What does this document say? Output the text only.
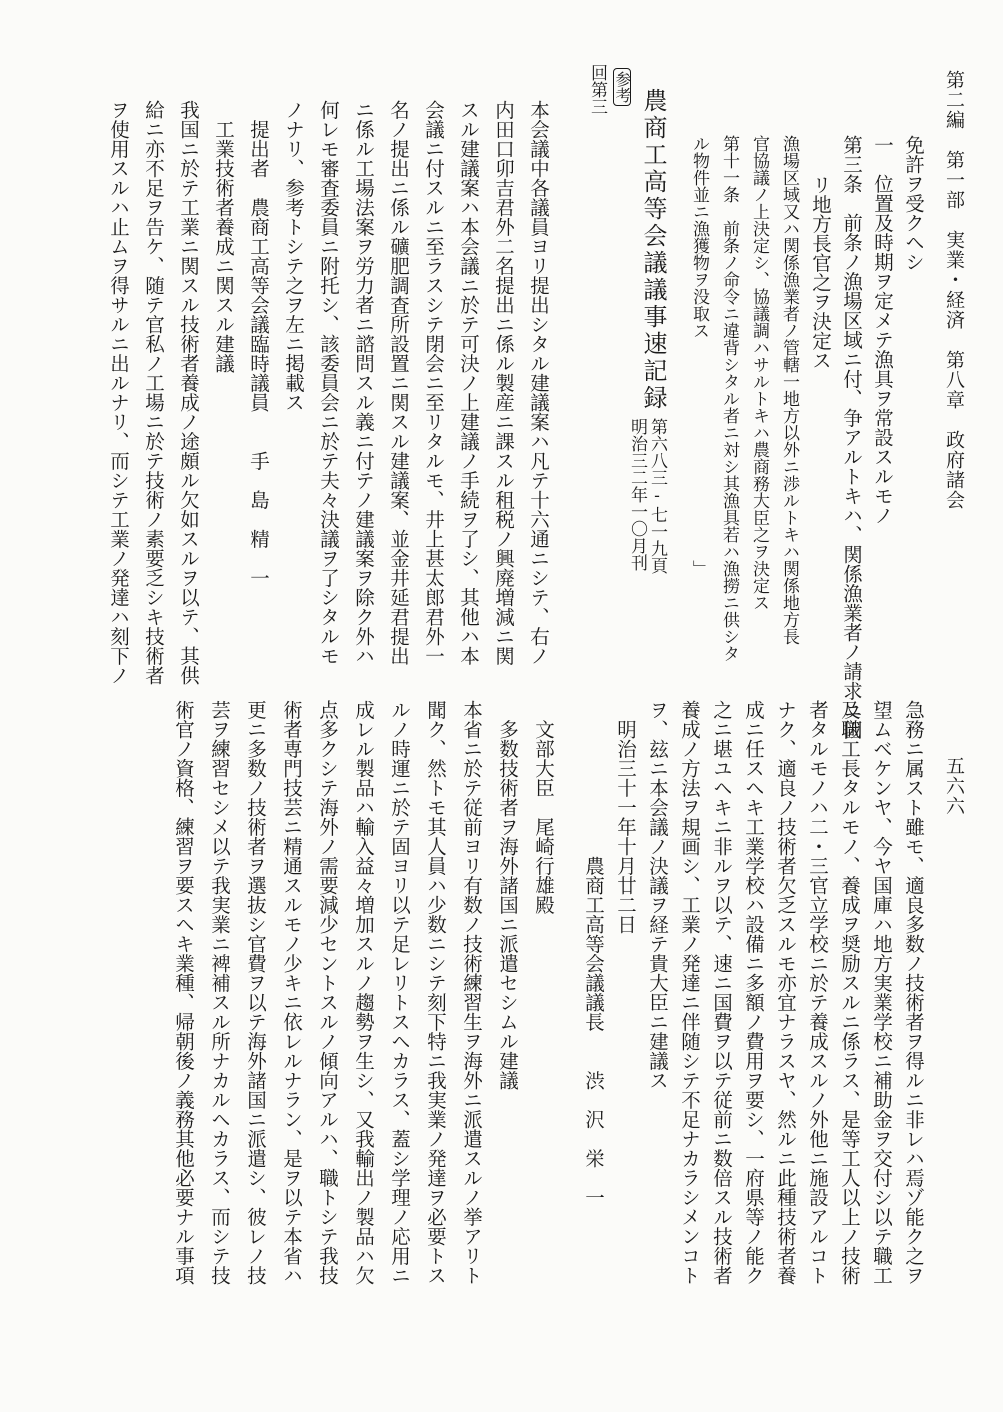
第二編　第一部　実業・経済　第八章　政府諸会
五六六
免許ヲ受クヘシ
一　位置及時期ヲ定メテ漁具ヲ常設スルモノ
第三条　前条ノ漁場区域ニ付、争アルトキハ、関係漁業者ノ請求ニ因
リ地方長官之ヲ決定ス
漁場区域又ハ関係漁業者ノ管轄一地方以外ニ渉ルトキハ関係地方長
官協議ノ上決定シ、協議調ハサルトキハ農商務大臣之ヲ決定ス
第十一条　前条ノ命令ニ違背シタル者ニ対シ其漁具若ハ漁撈ニ供シタ
ル物件並ニ漁獲物ヲ没取ス　　　　　　　　　　　　　」
参考
回第三 農商工高等会議議事速記録
第六八三‐七一九頁
明治三二年一〇月刊
本会議中各議員ヨリ提出シタル建議案ハ凡テ十六通ニシテ、右ノ
内田口卯吉君外二名提出ニ係ル製産ニ課スル租税ノ興廃増減ニ関
スル建議案ハ本会議ニ於テ可決ノ上建議ノ手続ヲ了シ、其他ハ本
会議ニ付スルニ至ラスシテ閉会ニ至リタルモ、井上甚太郎君外一
名ノ提出ニ係ル礦肥調査所設置ニ関スル建議案、並金井延君提出
ニ係ル工場法案ヲ労力者ニ諮問スル義ニ付テノ建議案ヲ除ク外ハ
何レモ審査委員ニ附托シ、該委員会ニ於テ夫々決議ヲ了シタルモ
ノナリ、参考トシテ之ヲ左ニ掲載ス
　提出者　農商工高等会議臨時議員　　手　島　精　一
　工業技術者養成ニ関スル建議
我国ニ於テ工業ニ関スル技術者養成ノ途頗ル欠如スルヲ以テ、其供
給ニ亦不足ヲ告ケ、随テ官私ノ工場ニ於テ技術ノ素要乏シキ技術者
ヲ使用スルハ止ムヲ得サルニ出ルナリ、而シテ工業ノ発達ハ刻下ノ
急務ニ属スト雖モ、適良多数ノ技術者ヲ得ルニ非レハ焉ゾ能ク之ヲ
望ムベケンヤ、今ヤ国庫ハ地方実業学校ニ補助金ヲ交付シ以テ職工
及職工長タルモノ、養成ヲ奨励スルニ係ラス、是等工人以上ノ技術
者タルモノハ二・三官立学校ニ於テ養成スルノ外他ニ施設アルコト
ナク、適良ノ技術者欠乏スルモ亦宜ナラスヤ、然ルニ此種技術者養
成ニ任スヘキ工業学校ハ設備ニ多額ノ費用ヲ要シ、一府県等ノ能ク
之ニ堪ユヘキニ非ルヲ以テ、速ニ国費ヲ以テ従前ニ数倍スル技術者
養成ノ方法ヲ規画シ、工業ノ発達ニ伴随シテ不足ナカラシメンコト
ヲ、玆ニ本会議ノ決議ヲ経テ貴大臣ニ建議ス
　明治三十一年十月廿二日
　　　　　　　　農商工高等会議議長　　渋　沢　栄　一
　文部大臣　尾崎行雄殿
　多数技術者ヲ海外諸国ニ派遣セシムル建議
本省ニ於テ従前ヨリ有数ノ技術練習生ヲ海外ニ派遣スルノ挙アリト
聞ク、然トモ其人員ハ少数ニシテ刻下特ニ我実業ノ発達ヲ必要トス
ルノ時運ニ於テ固ヨリ以テ足レリトスヘカラス、蓋シ学理ノ応用ニ
成レル製品ハ輸入益々増加スルノ趨勢ヲ生シ、又我輸出ノ製品ハ欠
点多クシテ海外ノ需要減少セントスルノ傾向アルハ、職トシテ我技
術者専門技芸ニ精通スルモノ少キニ依レルナラン、是ヲ以テ本省ハ
更ニ多数ノ技術者ヲ選抜シ官費ヲ以テ海外諸国ニ派遣シ、彼レノ技
芸ヲ練習セシメ以テ我実業ニ裨補スル所ナカルヘカラス、而シテ技
術官ノ資格、練習ヲ要スヘキ業種、帰朝後ノ義務其他必要ナル事項
